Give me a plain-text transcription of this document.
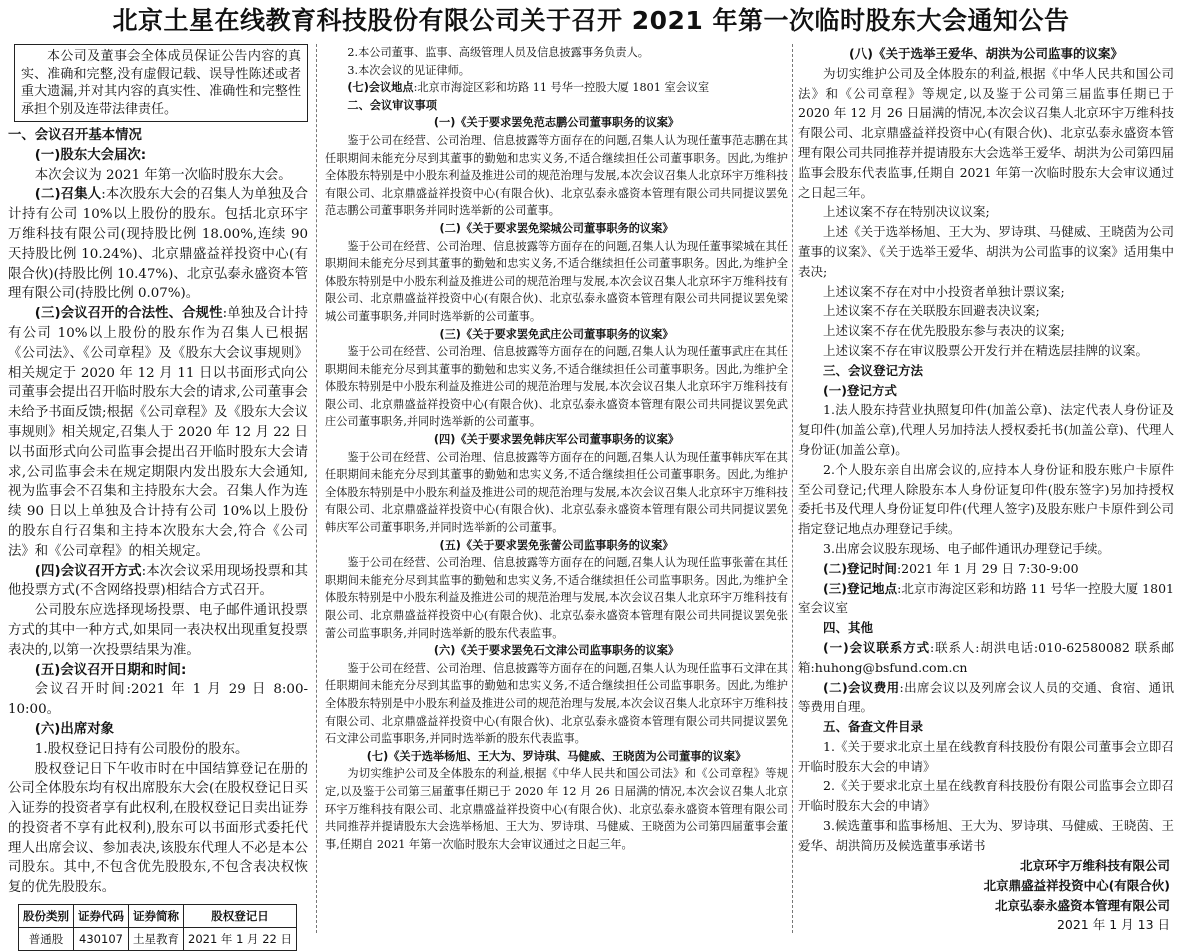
北京土星在线教育科技股份有限公司关于召开 2021 年第一次临时股东大会通知公告
本公司及董事会全体成员保证公告内容的真实、准确和完整,没有虚假记载、误导性陈述或者重大遗漏,并对其内容的真实性、准确性和完整性承担个别及连带法律责任。

一、会议召开基本情况

(一)股东大会届次:

本次会议为 2021 年第一次临时股东大会。

(二)召集人:本次股东大会的召集人为单独及合计持有公司 10%以上股份的股东。包括北京环宇万维科技有限公司(现持股比例 18.00%,连续 90 天持股比例 10.24%)、北京鼎盛益祥投资中心(有限合伙)(持股比例 10.47%)、北京弘泰永盛资本管理有限公司(持股比例 0.07%)。

(三)会议召开的合法性、合规性:单独及合计持有公司 10%以上股份的股东作为召集人已根据《公司法》、《公司章程》及《股东大会议事规则》相关规定于 2020 年 12 月 11 日以书面形式向公司董事会提出召开临时股东大会的请求,公司董事会未给予书面反馈;根据《公司章程》及《股东大会议事规则》相关规定,召集人于 2020 年 12 月 22 日以书面形式向公司监事会提出召开临时股东大会请求,公司监事会未在规定期限内发出股东大会通知,视为监事会不召集和主持股东大会。召集人作为连续 90 日以上单独及合计持有公司 10%以上股份的股东自行召集和主持本次股东大会,符合《公司法》和《公司章程》的相关规定。

(四)会议召开方式:本次会议采用现场投票和其他投票方式(不含网络投票)相结合方式召开。

公司股东应选择现场投票、电子邮件通讯投票方式的其中一种方式,如果同一表决权出现重复投票表决的,以第一次投票结果为准。

(五)会议召开日期和时间:

会议召开时间:2021 年 1 月 29 日 8:00-10:00。

(六)出席对象

1.股权登记日持有公司股份的股东。

股权登记日下午收市时在中国结算登记在册的公司全体股东均有权出席股东大会(在股权登记日买入证券的投资者享有此权利,在股权登记日卖出证券的投资者不享有此权利),股东可以书面形式委托代理人出席会议、参加表决,该股东代理人不必是本公司股东。其中,不包含优先股股东,不包含表决权恢复的优先股股东。

股份类别	证券代码	证券简称	股权登记日
普通股	430107	土星教育	2021 年 1 月 22 日

2.本公司董事、监事、高级管理人员及信息披露事务负责人。

3.本次会议的见证律师。

(七)会议地点:北京市海淀区彩和坊路 11 号华一控股大厦 1801 室会议室

二、会议审议事项

(一)《关于要求罢免范志鹏公司董事职务的议案》

鉴于公司在经营、公司治理、信息披露等方面存在的问题,召集人认为现任董事范志鹏在其任职期间未能充分尽到其董事的勤勉和忠实义务,不适合继续担任公司董事职务。因此,为维护全体股东特别是中小股东利益及推进公司的规范治理与发展,本次会议召集人北京环宇万维科技有限公司、北京鼎盛益祥投资中心(有限合伙)、北京弘泰永盛资本管理有限公司共同提议罢免范志鹏公司董事职务并同时选举新的公司董事。

(二)《关于要求罢免梁城公司董事职务的议案》

鉴于公司在经营、公司治理、信息披露等方面存在的问题,召集人认为现任董事梁城在其任职期间未能充分尽到其董事的勤勉和忠实义务,不适合继续担任公司董事职务。因此,为维护全体股东特别是中小股东利益及推进公司的规范治理与发展,本次会议召集人北京环宇万维科技有限公司、北京鼎盛益祥投资中心(有限合伙)、北京弘泰永盛资本管理有限公司共同提议罢免梁城公司董事职务,并同时选举新的公司董事。

(三)《关于要求罢免武庄公司董事职务的议案》

鉴于公司在经营、公司治理、信息披露等方面存在的问题,召集人认为现任董事武庄在其任职期间未能充分尽到其董事的勤勉和忠实义务,不适合继续担任公司董事职务。因此,为维护全体股东特别是中小股东利益及推进公司的规范治理与发展,本次会议召集人北京环宇万维科技有限公司、北京鼎盛益祥投资中心(有限合伙)、北京弘泰永盛资本管理有限公司共同提议罢免武庄公司董事职务,并同时选举新的公司董事。

(四)《关于要求罢免韩庆军公司董事职务的议案》

鉴于公司在经营、公司治理、信息披露等方面存在的问题,召集人认为现任董事韩庆军在其任职期间未能充分尽到其董事的勤勉和忠实义务,不适合继续担任公司董事职务。因此,为维护全体股东特别是中小股东利益及推进公司的规范治理与发展,本次会议召集人北京环宇万维科技有限公司、北京鼎盛益祥投资中心(有限合伙)、北京弘泰永盛资本管理有限公司共同提议罢免韩庆军公司董事职务,并同时选举新的公司董事。

(五)《关于要求罢免张蕾公司监事职务的议案》

鉴于公司在经营、公司治理、信息披露等方面存在的问题,召集人认为现任监事张蕾在其任职期间未能充分尽到其监事的勤勉和忠实义务,不适合继续担任公司监事职务。因此,为维护全体股东特别是中小股东利益及推进公司的规范治理与发展,本次会议召集人北京环宇万维科技有限公司、北京鼎盛益祥投资中心(有限合伙)、北京弘泰永盛资本管理有限公司共同提议罢免张蕾公司监事职务,并同时选举新的股东代表监事。

(六)《关于要求罢免石文津公司监事职务的议案》

鉴于公司在经营、公司治理、信息披露等方面存在的问题,召集人认为现任监事石文津在其任职期间未能充分尽到其监事的勤勉和忠实义务,不适合继续担任公司监事职务。因此,为维护全体股东特别是中小股东利益及推进公司的规范治理与发展,本次会议召集人北京环宇万维科技有限公司、北京鼎盛益祥投资中心(有限合伙)、北京弘泰永盛资本管理有限公司共同提议罢免石文津公司监事职务,并同时选举新的股东代表监事。

(七)《关于选举杨旭、王大为、罗诗琪、马健威、王晓茵为公司董事的议案》

为切实维护公司及全体股东的利益,根据《中华人民共和国公司法》和《公司章程》等规定,以及鉴于公司第三届董事任期已于 2020 年 12 月 26 日届满的情况,本次会议召集人北京环宇万维科技有限公司、北京鼎盛益祥投资中心(有限合伙)、北京弘泰永盛资本管理有限公司共同推荐并提请股东大会选举杨旭、王大为、罗诗琪、马健威、王晓茵为公司第四届董事会董事,任期自 2021 年第一次临时股东大会审议通过之日起三年。

(八)《关于选举王爱华、胡洪为公司监事的议案》

为切实维护公司及全体股东的利益,根据《中华人民共和国公司法》和《公司章程》等规定,以及鉴于公司第三届监事任期已于 2020 年 12 月 26 日届满的情况,本次会议召集人北京环宇万维科技有限公司、北京鼎盛益祥投资中心(有限合伙)、北京弘泰永盛资本管理有限公司共同推荐并提请股东大会选举王爱华、胡洪为公司第四届监事会股东代表监事,任期自 2021 年第一次临时股东大会审议通过之日起三年。

上述议案不存在特别决议议案;

上述《关于选举杨旭、王大为、罗诗琪、马健威、王晓茵为公司董事的议案》、《关于选举王爱华、胡洪为公司监事的议案》适用集中表决;

上述议案不存在对中小投资者单独计票议案;

上述议案不存在关联股东回避表决议案;

上述议案不存在优先股股东参与表决的议案;

上述议案不存在审议股票公开发行并在精选层挂牌的议案。

三、会议登记方法

(一)登记方式

1.法人股东持营业执照复印件(加盖公章)、法定代表人身份证及复印件(加盖公章),代理人另加持法人授权委托书(加盖公章)、代理人身份证(加盖公章)。

2.个人股东亲自出席会议的,应持本人身份证和股东账户卡原件至公司登记;代理人除股东本人身份证复印件(股东签字)另加持授权委托书及代理人身份证复印件(代理人签字)及股东账户卡原件到公司指定登记地点办理登记手续。

3.出席会议股东现场、电子邮件通讯办理登记手续。

(二)登记时间:2021 年 1 月 29 日 7:30-9:00

(三)登记地点:北京市海淀区彩和坊路 11 号华一控股大厦 1801 室会议室

四、其他

(一)会议联系方式:联系人:胡洪电话:010-62580082 联系邮箱:huhong@bsfund.com.cn

(二)会议费用:出席会议以及列席会议人员的交通、食宿、通讯等费用自理。

五、备查文件目录

1.《关于要求北京土星在线教育科技股份有限公司董事会立即召开临时股东大会的申请》

2.《关于要求北京土星在线教育科技股份有限公司监事会立即召开临时股东大会的申请》

3.候选董事和监事杨旭、王大为、罗诗琪、马健威、王晓茵、王爱华、胡洪简历及候选董事承诺书

北京环宇万维科技有限公司

北京鼎盛益祥投资中心(有限合伙)

北京弘泰永盛资本管理有限公司

2021 年 1 月 13 日
